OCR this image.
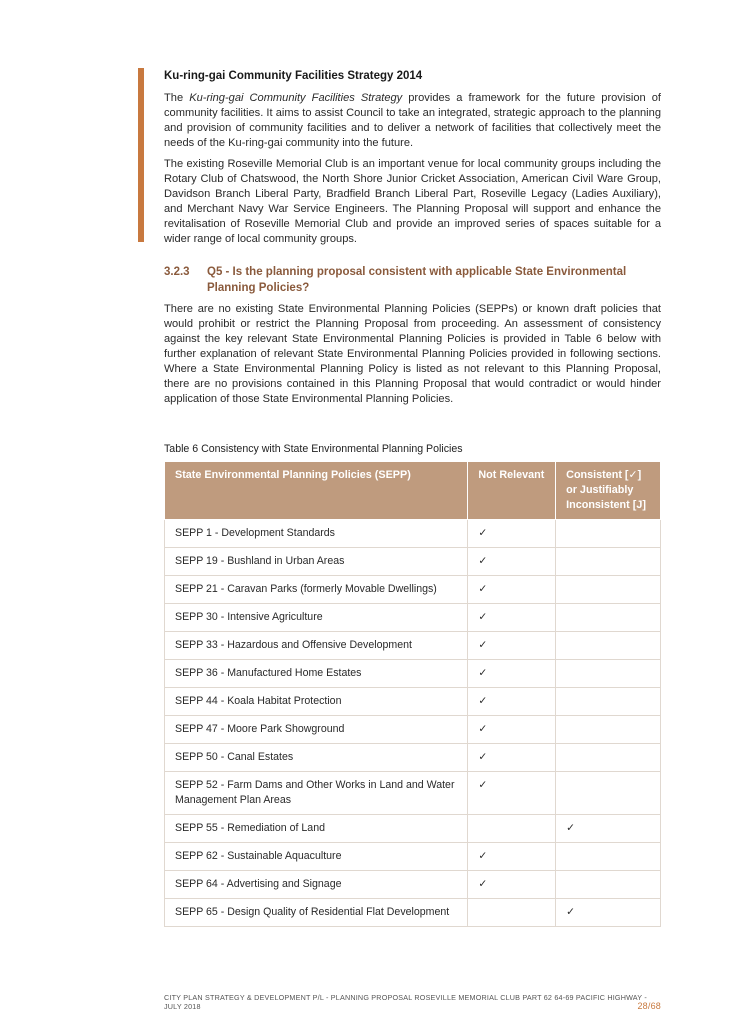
Ku-ring-gai Community Facilities Strategy 2014

The Ku-ring-gai Community Facilities Strategy provides a framework for the future provision of community facilities. It aims to assist Council to take an integrated, strategic approach to the planning and provision of community facilities and to deliver a network of facilities that collectively meet the needs of the Ku-ring-gai community into the future.

The existing Roseville Memorial Club is an important venue for local community groups including the Rotary Club of Chatswood, the North Shore Junior Cricket Association, American Civil Ware Group, Davidson Branch Liberal Party, Bradfield Branch Liberal Part, Roseville Legacy (Ladies Auxiliary), and Merchant Navy War Service Engineers. The Planning Proposal will support and enhance the revitalisation of Roseville Memorial Club and provide an improved series of spaces suitable for a wider range of local community groups.

3.2.3 Q5 - Is the planning proposal consistent with applicable State Environmental Planning Policies?

There are no existing State Environmental Planning Policies (SEPPs) or known draft policies that would prohibit or restrict the Planning Proposal from proceeding. An assessment of consistency against the key relevant State Environmental Planning Policies is provided in Table 6 below with further explanation of relevant State Environmental Planning Policies provided in following sections. Where a State Environmental Planning Policy is listed as not relevant to this Planning Proposal, there are no provisions contained in this Planning Proposal that would contradict or would hinder application of those State Environmental Planning Policies.

Table 6 Consistency with State Environmental Planning Policies
State Environmental Planning Policies (SEPP)	Not Relevant	Consistent [✓] or Justifiably Inconsistent [J]
SEPP 1 - Development Standards	✓	
SEPP 19 - Bushland in Urban Areas	✓	
SEPP 21 - Caravan Parks (formerly Movable Dwellings)	✓	
SEPP 30 - Intensive Agriculture	✓	
SEPP 33 - Hazardous and Offensive Development	✓	
SEPP 36 - Manufactured Home Estates	✓	
SEPP 44 - Koala Habitat Protection	✓	
SEPP 47 - Moore Park Showground	✓	
SEPP 50 - Canal Estates	✓	
SEPP 52 - Farm Dams and Other Works in Land and Water Management Plan Areas	✓	
SEPP 55 - Remediation of Land		✓
SEPP 62 - Sustainable Aquaculture	✓	
SEPP 64 - Advertising and Signage	✓	
SEPP 65 - Design Quality of Residential Flat Development		✓
CITY PLAN STRATEGY & DEVELOPMENT P/L - PLANNING PROPOSAL ROSEVILLE MEMORIAL CLUB PART 62 64-69 PACIFIC HIGHWAY - JULY 2018	28/68
